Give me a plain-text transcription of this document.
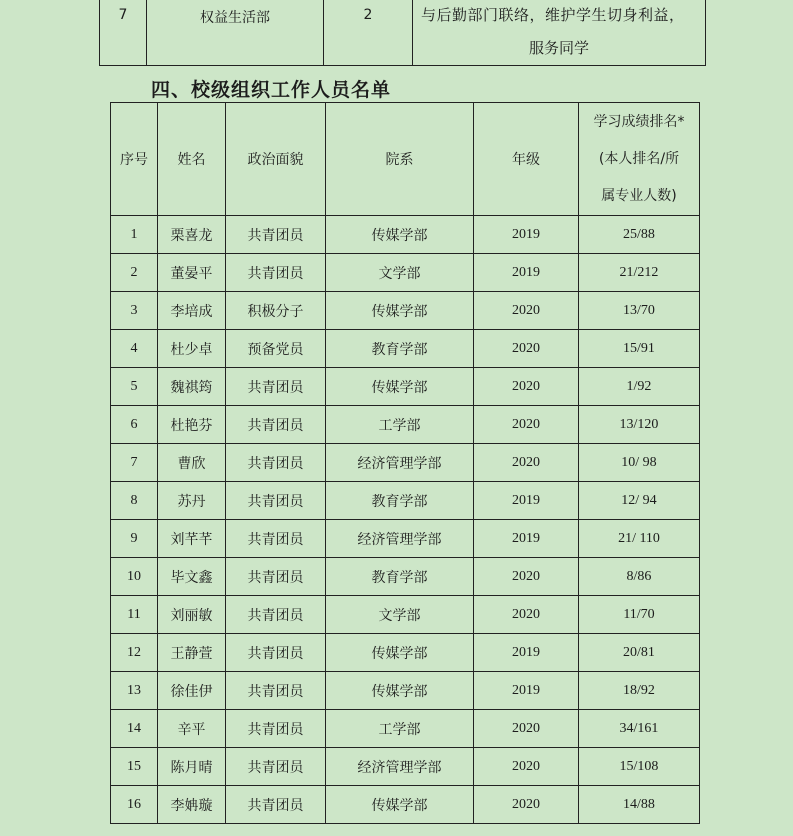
7	权益生活部	2	与后勤部门联络，维护学生切身利益，
服务同学
四、校级组织工作人员名单
序号	姓名	政治面貌	院系	年级	学习成绩排名*
(本人排名/所
属专业人数)

1	栗喜龙	共青团员	传媒学部	2019	25/88
2	董晏平	共青团员	文学部	2019	21/212
3	李培成	积极分子	传媒学部	2020	13/70
4	杜少卓	预备党员	教育学部	2020	15/91
5	魏祺筠	共青团员	传媒学部	2020	1/92
6	杜艳芬	共青团员	工学部	2020	13/120
7	曹欣	共青团员	经济管理学部	2020	10/ 98
8	苏丹	共青团员	教育学部	2019	12/ 94
9	刘芊芊	共青团员	经济管理学部	2019	21/ 110
10	毕文鑫	共青团员	教育学部	2020	8/86
11	刘丽敏	共青团员	文学部	2020	11/70
12	王静萱	共青团员	传媒学部	2019	20/81
13	徐佳伊	共青团员	传媒学部	2019	18/92
14	辛平	共青团员	工学部	2020	34/161
15	陈月晴	共青团员	经济管理学部	2020	15/108
16	李姌璇	共青团员	传媒学部	2020	14/88
